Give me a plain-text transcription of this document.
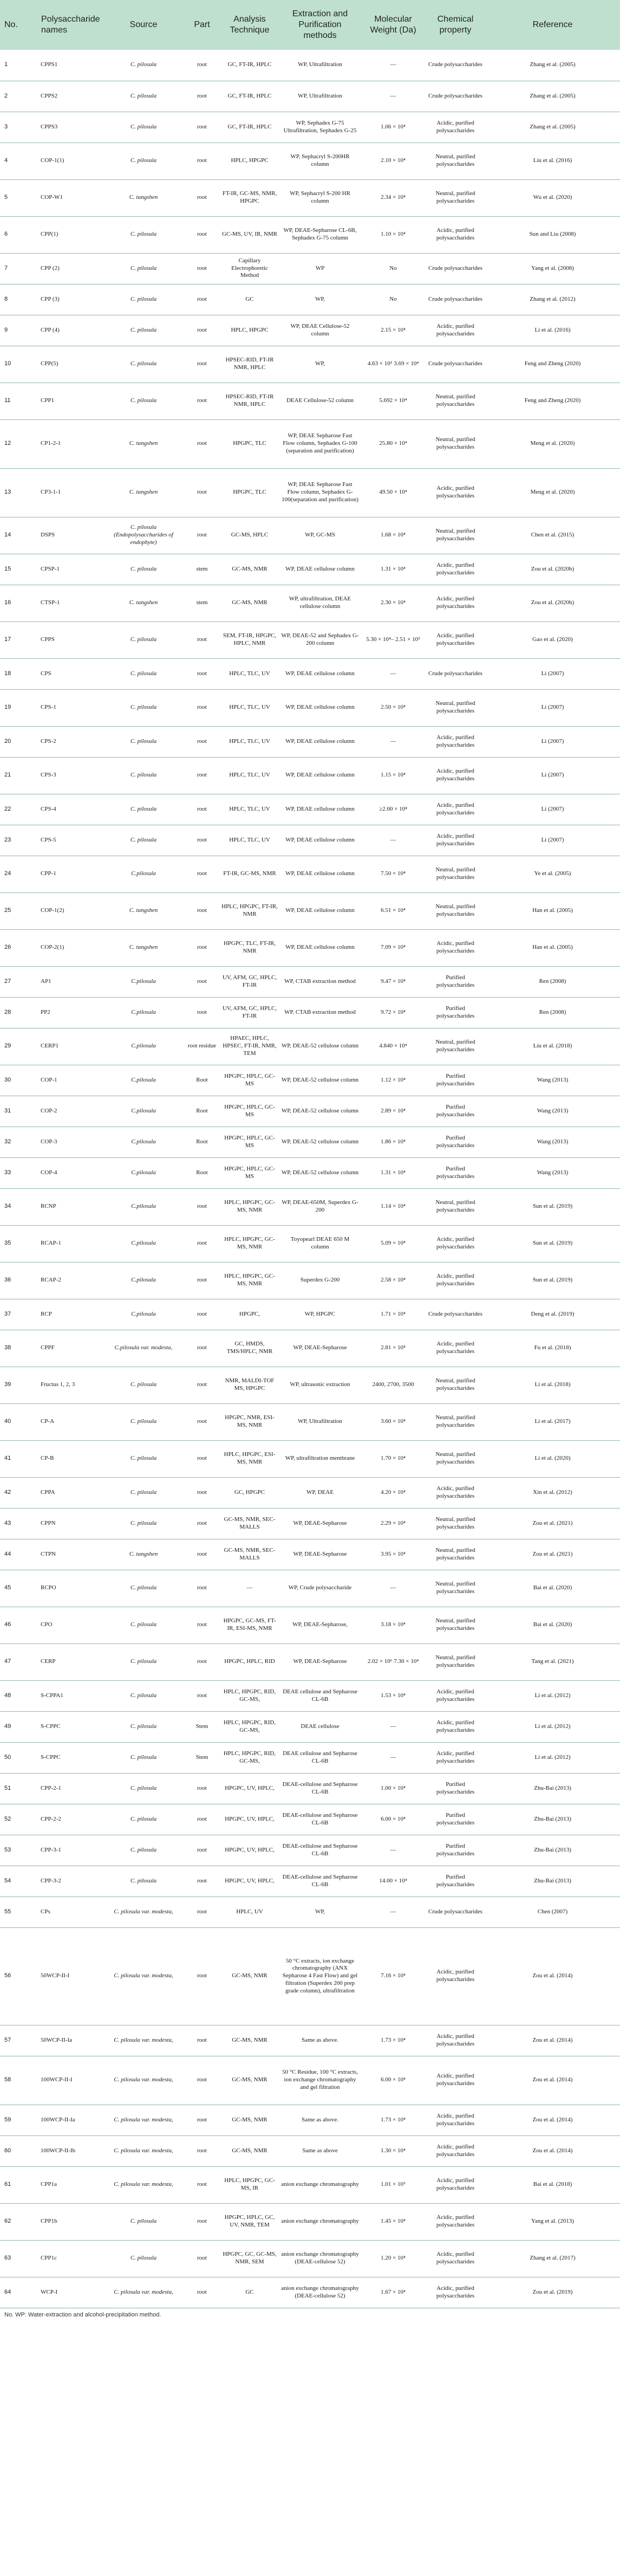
No.	Polysaccharide names	Source	Part	Analysis Technique	Extraction and Purification methods	Molecular Weight (Da)	Chemical property	Reference
1	CPPS1	C. pilosula	root	GC, FT-IR, HPLC	WP, Ultrafiltration	—	Crude polysaccharides	Zhang et al. (2005)
2	CPPS2	C. pilosula	root	GC, FT-IR, HPLC	WP, Ultrafiltration	—	Crude polysaccharides	Zhang et al. (2005)
3	CPPS3	C. pilosula	root	GC, FT-IR, HPLC	WP, Sephadex G-75 Ultrafiltration, Sephadex G-25	1.06 × 10⁴	Acidic, purified polysaccharides	Zhang et al. (2005)
4	COP-1(1)	C. pilosula	root	HPLC, HPGPC	WP, Sephacryl S-200HR column	2.10 × 10⁴	Neutral, purified polysaccharides	Liu et al. (2016)
5	COP-W1	C. tangshen	root	FT-IR, GC-MS, NMR, HPGPC	WP, Sephacryl S-200 HR column	2.34 × 10⁴	Neutral, purified polysaccharides	Wu et al. (2020)
6	CPP(1)	C. pilosula	root	GC-MS, UV, IR, NMR	WP, DEAE-Sepharose CL-6B, Sephadex G-75 column	1.10 × 10⁴	Acidic, purified polysaccharides	Sun and Liu (2008)
7	CPP (2)	C. pilosula	root	Capillary Electrophoretic Method	WP	No	Crude polysaccharides	Yang et al. (2008)
8	CPP (3)	C. pilosula	root	GC	WP,	No	Crude polysaccharides	Zhang et al. (2012)
9	CPP (4)	C. pilosula	root	HPLC, HPGPC	WP, DEAE Cellulose-52 column	2.15 × 10⁴	Acidic, purified polysaccharides	Li et al. (2016)
10	CPP(5)	C. pilosula	root	HPSEC-RID, FT-IR NMR, HPLC	WP,	4.63 × 10⁵ 3.69 × 10⁴	Crude polysaccharides	Feng and Zheng (2020)
11	CPP1	C. pilosula	root	HPSEC-RID, FT-IR NMR, HPLC	DEAE Cellulose-52 column	5.692 × 10⁴	Neutral, purified polysaccharides	Feng and Zheng (2020)
12	CP1-2-1	C. tangshen	root	HPGPC, TLC	WP, DEAE Sepharose Fast Flow column, Sephadex G-100 (separation and purification)	25.80 × 10⁴	Neutral, purified polysaccharides	Meng et al. (2020)
13	CP3-1-1	C. tangshen	root	HPGPC, TLC	WP, DEAE Sepharose Fast Flow column, Sephadex G-100(separation and purification)	49.50 × 10⁴	Acidic, purified polysaccharides	Meng et al. (2020)
14	DSPS	C. pilosula (Endopolysaccharides of endophyte)	root	GC-MS, HPLC	WP, GC-MS	1.68 × 10⁴	Neutral, purified polysaccharides	Chen et al. (2015)
15	CPSP-1	C. pilosula	stem	GC-MS, NMR	WP, DEAE cellulose column	1.31 × 10⁴	Acidic, purified polysaccharides	Zou et al. (2020b)
16	CTSP-1	C. tangshen	stem	GC-MS, NMR	WP, ultrafiltration, DEAE cellulose column	2.30 × 10⁴	Acidic, purified polysaccharides	Zou et al. (2020b)
17	CPPS	C. pilosula	root	SEM, FT-IR, HPGPC, HPLC, NMR	WP, DEAE-52 and Sephadex G-200 column	5.30 × 10⁴– 2.51 × 10⁵	Acidic, purified polysaccharides	Gao et al. (2020)
18	CPS	C. pilosula	root	HPLC, TLC, UV	WP, DEAE cellulose column	—	Crude polysaccharides	Li (2007)
19	CPS-1	C. pilosula	root	HPLC, TLC, UV	WP, DEAE cellulose column	2.50 × 10⁴	Neutral, purified polysaccharides	Li (2007)
20	CPS-2	C. pilosula	root	HPLC, TLC, UV	WP, DEAE cellulose column	—	Acidic, purified polysaccharides	Li (2007)
21	CPS-3	C. pilosula	root	HPLC, TLC, UV	WP, DEAE cellulose column	1.15 × 10⁴	Acidic, purified polysaccharides	Li (2007)
22	CPS-4	C. pilosula	root	HPLC, TLC, UV	WP, DEAE cellulose column	≥2.00 × 10⁴	Acidic, purified polysaccharides	Li (2007)
23	CPS-5	C. pilosula	root	HPLC, TLC, UV	WP, DEAE cellulose column	—	Acidic, purified polysaccharides	Li (2007)
24	CPP-1	C.pilosula	root	FT-IR, GC-MS, NMR	WP, DEAE cellulose column	7.50 × 10⁴	Neutral, purified polysaccharides	Ye et al. (2005)
25	COP-1(2)	C. tangshen	root	HPLC, HPGPC, FT-IR, NMR	WP, DEAE cellulose column	6.51 × 10⁴	Neutral, purified polysaccharides	Han et al. (2005)
26	COP-2(1)	C. tangshen	root	HPGPC, TLC, FT-IR, NMR	WP, DEAE cellulose column	7.09 × 10⁴	Acidic, purified polysaccharides	Han et al. (2005)
27	AP1	C.pilosula	root	UV, AFM, GC, HPLC, FT-IR	WP, CTAB extraction method	9.47 × 10⁴	Purified polysaccharides	Ren (2008)
28	PP2	C.pilosula	root	UV, AFM, GC, HPLC, FT-IR	WP, CTAB extraction method	9.72 × 10⁴	Purified polysaccharides	Ren (2008)
29	CERP1	C.pilosula	root residue	HPAEC, HPLC, HPSEC, FT-IR, NMR, TEM	WP, DEAE-52 cellulose column	4.840 × 10⁴	Neutral, purified polysaccharides	Liu et al. (2018)
30	COP-1	C.pilosula	Root	HPGPC, HPLC, GC-MS	WP, DEAE-52 cellulose column	1.12 × 10⁴	Purified polysaccharides	Wang (2013)
31	COP-2	C.pilosula	Root	HPGPC, HPLC, GC-MS	WP, DEAE-52 cellulose column	2.89 × 10⁴	Purified polysaccharides	Wang (2013)
32	COP-3	C.pilosula	Root	HPGPC, HPLC, GC-MS	WP, DEAE-52 cellulose column	1.86 × 10⁴	Purified polysaccharides	Wang (2013)
33	COP-4	C.pilosula	Root	HPGPC, HPLC, GC-MS	WP, DEAE-52 cellulose column	1.31 × 10⁴	Purified polysaccharides	Wang (2013)
34	RCNP	C.pilosula	root	HPLC, HPGPC, GC-MS, NMR	WP, DEAE-650M, Superdex G-200	1.14 × 10⁴	Neutral, purified polysaccharides	Sun et al. (2019)
35	RCAP-1	C.pilosula	root	HPLC, HPGPC, GC-MS, NMR	Toyopearl DEAE 650 M column	5.09 × 10⁴	Acidic, purified polysaccharides	Sun et al. (2019)
36	RCAP-2	C.pilosula	root	HPLC, HPGPC, GC-MS, NMR	Superdex G-200	2.58 × 10⁴	Acidic, purified polysaccharides	Sun et al. (2019)
37	RCP	C.pilosula	root	HPGPC,	WP, HPGPC	1.71 × 10⁴	Crude polysaccharides	Deng et al. (2019)
38	CPPF	C.pilosula var. modesta,	root	GC, HMDS, TMS/HPLC, NMR	WP, DEAE-Sepharose	2.81 × 10⁴	Acidic, purified polysaccharides	Fu et al. (2018)
39	Fructus 1, 2, 3	C. pilosula	root	NMR, MALDI-TOF MS, HPGPC	WP, ultrasonic extraction	2400, 2700, 3500	Neutral, purified polysaccharides	Li et al. (2018)
40	CP-A	C. pilosula	root	HPGPC, NMR, ESI-MS, NMR	WP, Ultrafiltration	3.60 × 10⁴	Neutral, purified polysaccharides	Li et al. (2017)
41	CP-B	C. pilosula	root	HPLC, HPGPC, ESI-MS, NMR	WP, ultrafiltration membrane	1.70 × 10⁴	Neutral, purified polysaccharides	Li et al. (2020)
42	CPPA	C. pilosula	root	GC, HPGPC	WP, DEAE	4.20 × 10⁴	Acidic, purified polysaccharides	Xin et al. (2012)
43	CPPN	C. pilosula	root	GC-MS, NMR, SEC-MALLS	WP, DEAE-Sepharose	2.29 × 10⁴	Neutral, purified polysaccharides	Zou et al. (2021)
44	CTPN	C. tangshen	root	GC-MS, NMR, SEC-MALLS	WP, DEAE-Sepharose	3.95 × 10⁴	Neutral, purified polysaccharides	Zou et al. (2021)
45	RCPO	C. pilosula	root	—	WP, Crude polysaccharide	—	Neutral, purified polysaccharides	Bai et al. (2020)
46	CPO	C. pilosula	root	HPGPC, GC-MS, FT-IR, ESI-MS, NMR	WP, DEAE-Sepharose,	3.18 × 10⁴	Neutral, purified polysaccharides	Bai et al. (2020)
47	CERP	C. pilosula	root	HPGPC, HPLC, RID	WP, DEAE-Sepharose	2.02 × 10⁶ 7.30 × 10⁴	Neutral, purified polysaccharides	Tang et al. (2021)
48	S-CPPA1	C. pilosula	root	HPLC, HPGPC, RID, GC-MS,	DEAE cellulose and Sepharose CL-6B	1.53 × 10⁴	Acidic, purified polysaccharides	Li et al. (2012)
49	S-CPPC	C. pilosula	Stem	HPLC, HPGPC, RID, GC-MS,	DEAE cellulose	—	Acidic, purified polysaccharides	Li et al. (2012)
50	S-CPPC	C. pilosula	Stem	HPLC, HPGPC, RID, GC-MS,	DEAE cellulose and Sepharose CL-6B	—	Acidic, purified polysaccharides	Li et al. (2012)
51	CPP-2-1	C. pilosula	root	HPGPC, UV, HPLC,	DEAE-cellulose and Sepharose CL-6B	1.00 × 10⁴	Purified polysaccharides	Zhu-Bai (2013)
52	CPP-2-2	C. pilosula	root	HPGPC, UV, HPLC,	DEAE-cellulose and Sepharose CL-6B	6.00 × 10⁴	Purified polysaccharides	Zhu-Bai (2013)
53	CPP-3-1	C. pilosula	root	HPGPC, UV, HPLC,	DEAE-cellulose and Sepharose CL-6B	—	Purified polysaccharides	Zhu-Bai (2013)
54	CPP-3-2	C. pilosula	root	HPGPC, UV, HPLC,	DEAE-cellulose and Sepharose CL-6B	14.00 × 10⁴	Purified polysaccharides	Zhu-Bai (2013)
55	CPs	C. pilosula var. modesta,	root	HPLC, UV	WP,	—	Crude polysaccharides	Chen (2007)
56	50WCP-II-I	C. pilosula var. modesta,	root	GC-MS, NMR	50 °C extracts, ion exchange chromatography (ANX Sepharose 4 Fast Flow) and gel filtration (Superdex 200 prep grade column), ultrafiltration	7.16 × 10⁴	Acidic, purified polysaccharides	Zou et al. (2014)
57	50WCP-II-Ia	C. pilosula var. modesta,	root	GC-MS, NMR	Same as above.	1.73 × 10⁴	Acidic, purified polysaccharides	Zou et al. (2014)
58	100WCP-II-I	C. pilosula var. modesta,	root	GC-MS, NMR	50 °C Residue, 100 °C extracts, ion exchange chromatography and gel filtration	6.00 × 10⁴	Acidic, purified polysaccharides	Zou et al. (2014)
59	100WCP-II-Ia	C. pilosula var. modesta,	root	GC-MS, NMR	Same as above.	1.73 × 10⁴	Acidic, purified polysaccharides	Zou et al. (2014)
60	100WCP-II-Ib	C. pilosula var. modesta,	root	GC-MS, NMR	Same as above	1.30 × 10⁴	Acidic, purified polysaccharides	Zou et al. (2014)
61	CPP1a	C. pilosula var. modesta,	root	HPLC, HPGPC, GC-MS, IR	anion exchange chromatography	1.01 × 10⁵	Acidic, purified polysaccharides	Bai et al. (2018)
62	CPP1b	C. pilosula	root	HPGPC, HPLC, GC, UV, NMR, TEM	anion exchange chromatography	1.45 × 10⁴	Acidic, purified polysaccharides	Yang et al. (2013)
63	CPP1c	C. pilosula	root	HPGPC, GC, GC-MS, NMR, SEM	anion exchange chromatography (DEAE-cellulose 52)	1.20 × 10⁴	Acidic, purified polysaccharides	Zhang et al. (2017)
64	WCP-I	C. pilosula var. modesta,	root	GC	anion exchange chromatography (DEAE-cellulose 52)	1.67 × 10⁴	Acidic, purified polysaccharides	Zou et al. (2019)
No. WP: Water-extraction and alcohol-precipitation method.
